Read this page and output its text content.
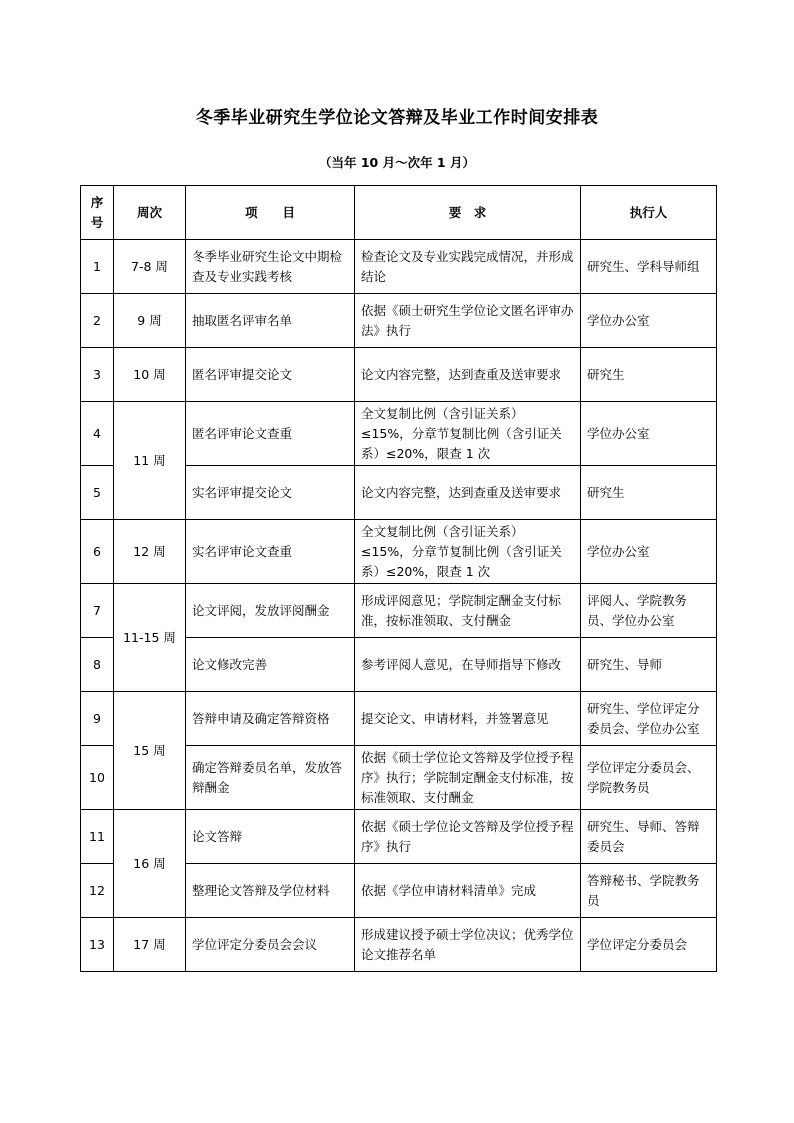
冬季毕业研究生学位论文答辩及毕业工作时间安排表
（当年 10 月～次年 1 月）
序号	周次	项　　目	要　求	执行人
1	7-8 周	冬季毕业研究生论文中期检查及专业实践考核	检查论文及专业实践完成情况，并形成结论	研究生、学科导师组
2	9 周	抽取匿名评审名单	依据《硕士研究生学位论文匿名评审办法》执行	学位办公室
3	10 周	匿名评审提交论文	论文内容完整，达到查重及送审要求	研究生
4	11 周	匿名评审论文查重	全文复制比例（含引证关系）≤15%，分章节复制比例（含引证关系）≤20%，限查 1 次	学位办公室
5		实名评审提交论文	论文内容完整，达到查重及送审要求	研究生
6	12 周	实名评审论文查重	全文复制比例（含引证关系）≤15%，分章节复制比例（含引证关系）≤20%，限查 1 次	学位办公室
7	11-15 周	论文评阅，发放评阅酬金	形成评阅意见；学院制定酬金支付标准，按标准领取、支付酬金	评阅人、学院教务员、学位办公室
8		论文修改完善	参考评阅人意见，在导师指导下修改	研究生、导师
9	15 周	答辩申请及确定答辩资格	提交论文、申请材料，并签署意见	研究生、学位评定分委员会、学位办公室
10		确定答辩委员名单，发放答辩酬金	依据《硕士学位论文答辩及学位授予程序》执行；学院制定酬金支付标准，按标准领取、支付酬金	学位评定分委员会、学院教务员
11	16 周	论文答辩	依据《硕士学位论文答辩及学位授予程序》执行	研究生、导师、答辩委员会
12		整理论文答辩及学位材料	依据《学位申请材料清单》完成	答辩秘书、学院教务员
13	17 周	学位评定分委员会会议	形成建议授予硕士学位决议；优秀学位论文推荐名单	学位评定分委员会
